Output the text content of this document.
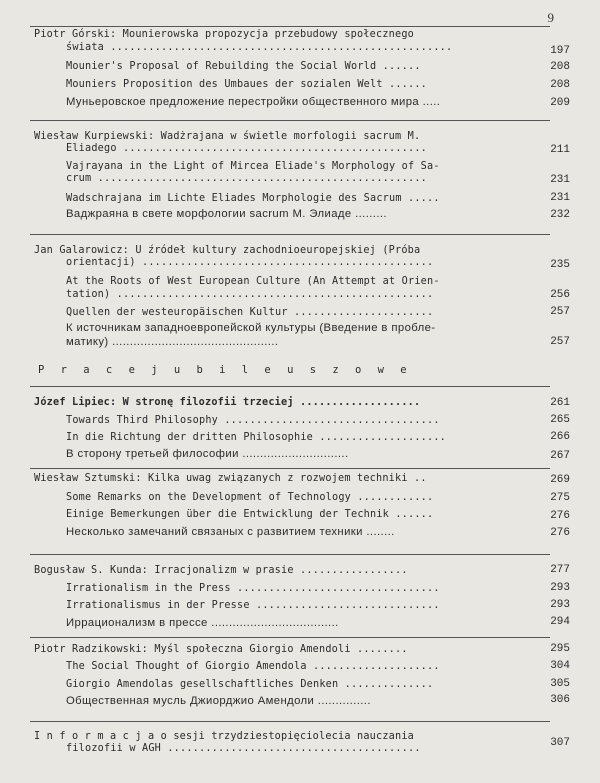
9
Piotr Górski: Mounierowska propozycja przebudowy społecznego
świata ......................................................	197
Mounier's Proposal of Rebuilding the Social World ......	208
Mouniers Proposition des Umbaues der sozialen Welt ......	208
Муньеровское предложение перестройки общественного мира .....	209
Wiesław Kurpiewski: Wadżrajana w świetle morfologii sacrum M.
Eliadego ................................................	211
Vajrayana in the Light of Mircea Eliade's Morphology of Sa-
crum ....................................................	231
Wadschrajana im Lichte Eliades Morphologie des Sacrum .....	231
Ваджраяна в свете морфологии sacrum М. Элиаде .........	232
Jan Galarowicz: U źródeł kultury zachodnioeuropejskiej (Próba
orientacji) ..............................................	235
At the Roots of West European Culture (An Attempt at Orien-
tation) ..................................................	256
Quellen der westeuropäischen Kultur ......................	257
К источникам западноевропейской культуры (Введение в пробле-
матику) ...............................................	257
P r a c e j u b i l e u s z o w e
Józef Lipiec: W stronę filozofii trzeciej ...................	261
Towards Third Philosophy ..................................	265
In die Richtung der dritten Philosophie ....................	266
В сторону третьей философии ..............................	267
Wiesław Sztumski: Kilka uwag związanych z rozwojem techniki ..	269
Some Remarks on the Development of Technology ............	275
Einige Bemerkungen über die Entwicklung der Technik ......	276
Несколько замечаний связаных с развитием техники ........	276
Bogusław S. Kunda: Irracjonalizm w prasie .................	277
Irrationalism in the Press ................................	293
Irrationalismus in der Presse .............................	293
Иррационализм в прессе ....................................	294
Piotr Radzikowski: Myśl społeczna Giorgio Amendoli ........	295
The Social Thought of Giorgio Amendola ....................	304
Giorgio Amendolas gesellschaftliches Denken ..............	305
Общественная мусль Джиорджио Амендоли ...............	306
I n f o r m a c j a o sesji trzydziestopięciolecia nauczania
filozofii w AGH ........................................	307
